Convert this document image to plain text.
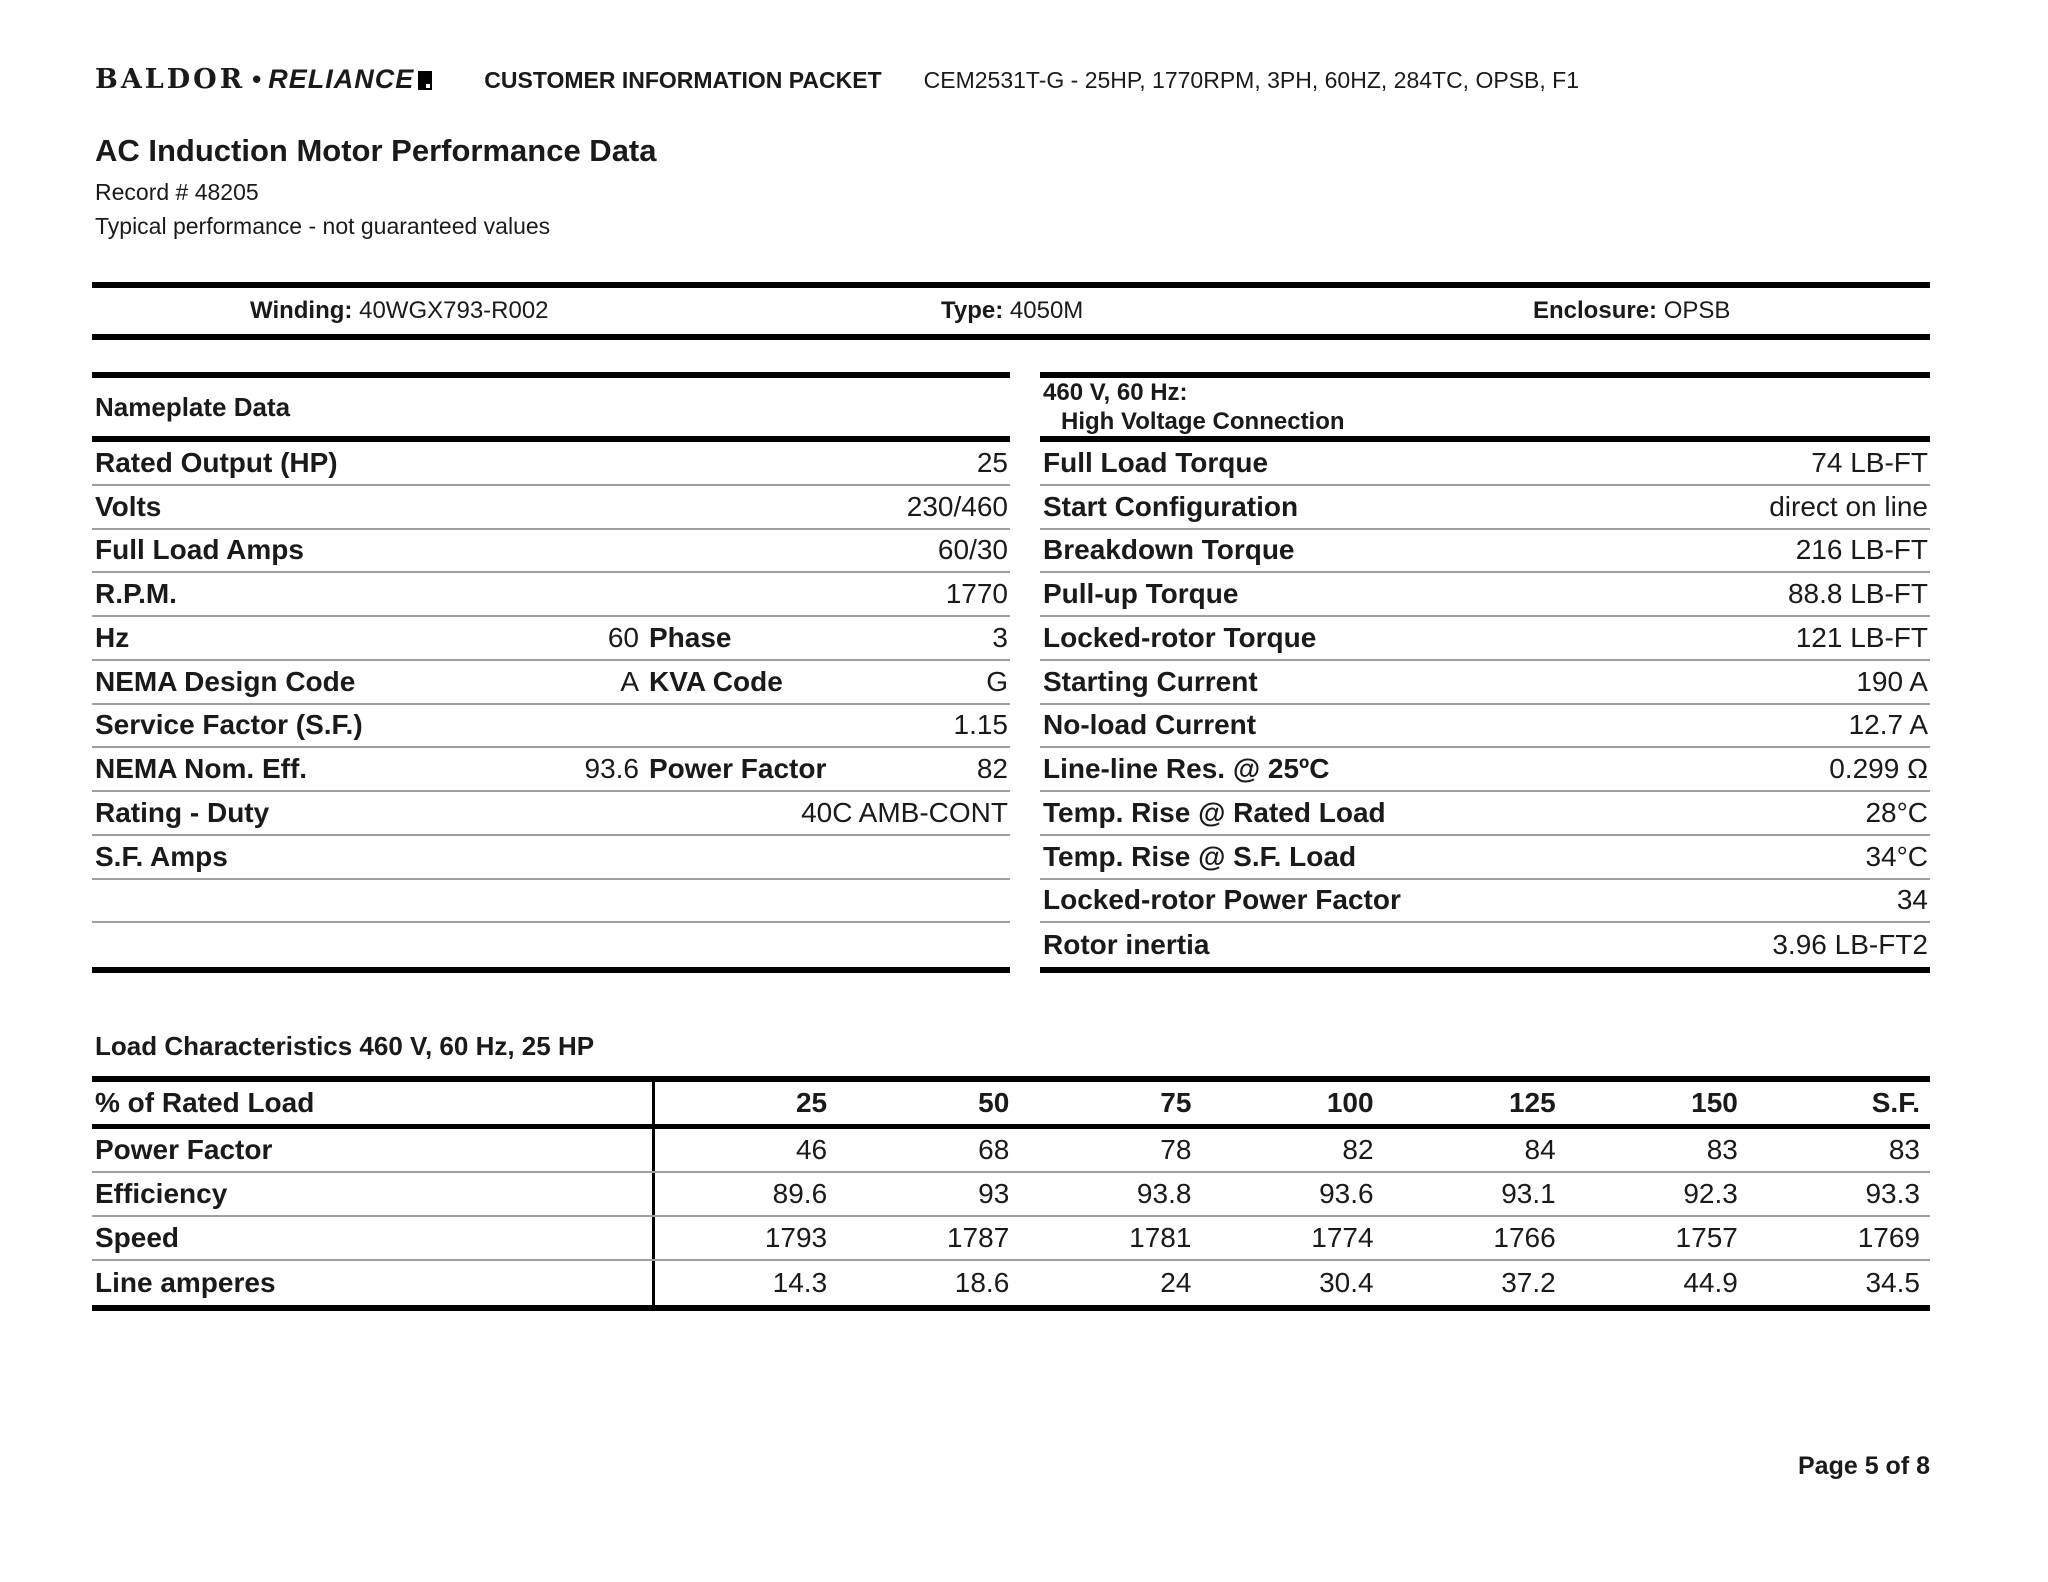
BALDOR • RELIANCE	CUSTOMER INFORMATION PACKET CEM2531T-G - 25HP, 1770RPM, 3PH, 60HZ, 284TC, OPSB, F1

AC Induction Motor Performance Data

Record # 48205

Typical performance - not guaranteed values

Winding: 40WGX793-R002	Type: 4050M	Enclosure: OPSB
Nameplate Data
Rated Output (HP)	25
Volts	230/460
Full Load Amps	60/30
R.P.M.	1770
Hz	60 Phase	3
NEMA Design Code	A KVA Code	G
Service Factor (S.F.)	1.15
NEMA Nom. Eff.	93.6 Power Factor	82
Rating - Duty	40C AMB-CONT
S.F. Amps
460 V, 60 Hz:
High Voltage Connection
Full Load Torque	74 LB-FT
Start Configuration	direct on line
Breakdown Torque	216 LB-FT
Pull-up Torque	88.8 LB-FT
Locked-rotor Torque	121 LB-FT
Starting Current	190 A
No-load Current	12.7 A
Line-line Res. @ 25ºC	0.299 Ω
Temp. Rise @ Rated Load	28°C
Temp. Rise @ S.F. Load	34°C
Locked-rotor Power Factor	34
Rotor inertia	3.96 LB-FT2

Load Characteristics 460 V, 60 Hz, 25 HP

% of Rated Load	25	50	75	100	125	150	S.F.
Power Factor	46	68	78	82	84	83	83
Efficiency	89.6	93	93.8	93.6	93.1	92.3	93.3
Speed	1793	1787	1781	1774	1766	1757	1769
Line amperes	14.3	18.6	24	30.4	37.2	44.9	34.5
Page 5 of 8
